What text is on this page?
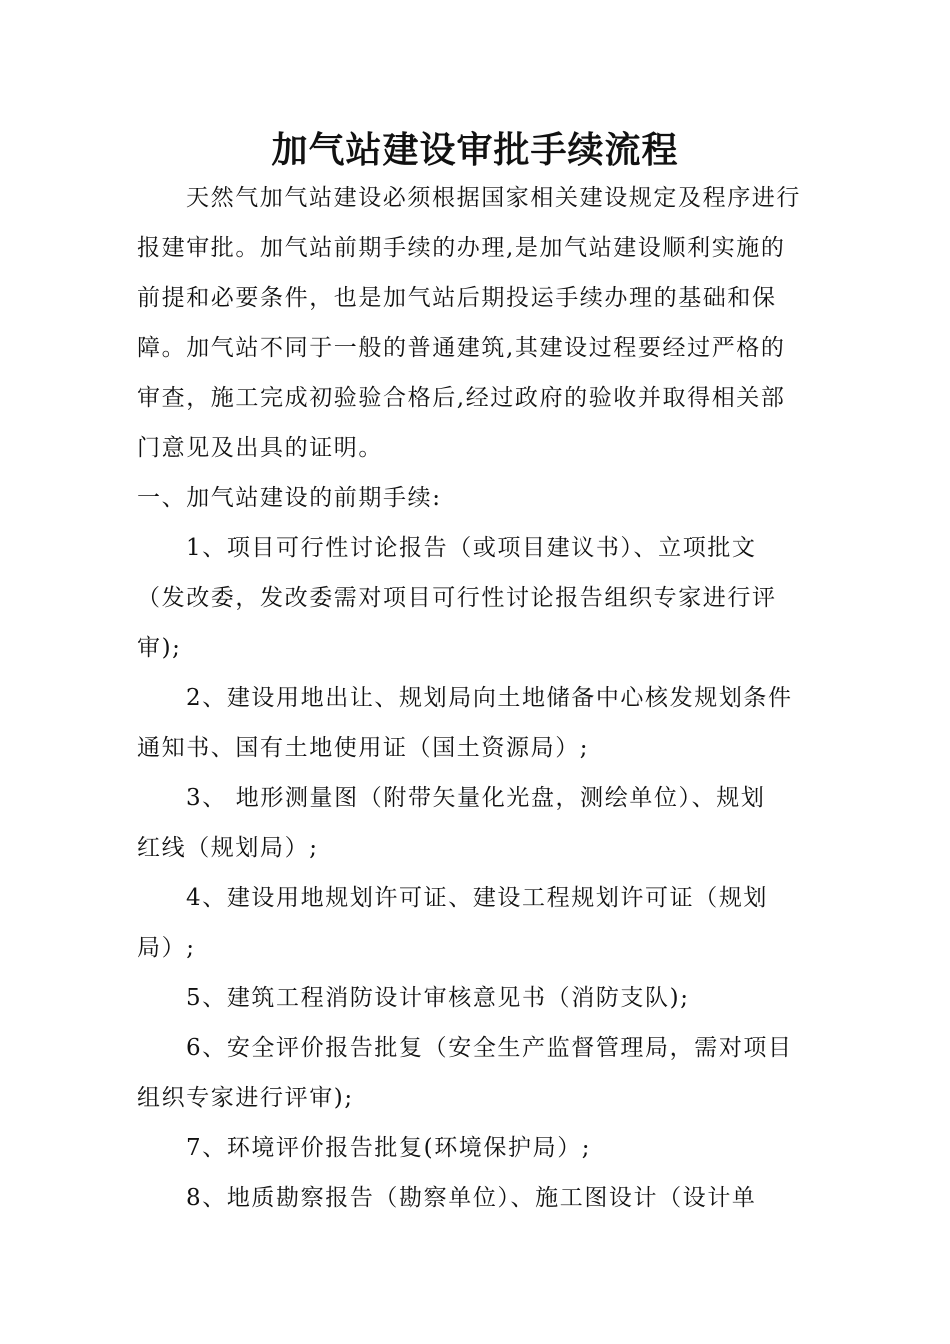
加气站建设审批手续流程

天然气加气站建设必须根据国家相关建设规定及程序进行

报建审批。加气站前期手续的办理,是加气站建设顺利实施的

前提和必要条件，也是加气站后期投运手续办理的基础和保

障。加气站不同于一般的普通建筑,其建设过程要经过严格的

审查，施工完成初验验合格后,经过政府的验收并取得相关部

门意见及出具的证明。

一、加气站建设的前期手续:

1、项目可行性讨论报告（或项目建议书）、立项批文

（发改委，发改委需对项目可行性讨论报告组织专家进行评

审);

2、建设用地出让、规划局向土地储备中心核发规划条件

通知书、国有土地使用证（国土资源局）;

3、 地形测量图（附带矢量化光盘，测绘单位）、规划

红线（规划局）;

4、建设用地规划许可证、建设工程规划许可证（规划

局）;

5、建筑工程消防设计审核意见书（消防支队);

6、安全评价报告批复（安全生产监督管理局，需对项目

组织专家进行评审);

7、环境评价报告批复(环境保护局）;

8、地质勘察报告（勘察单位）、施工图设计（设计单
